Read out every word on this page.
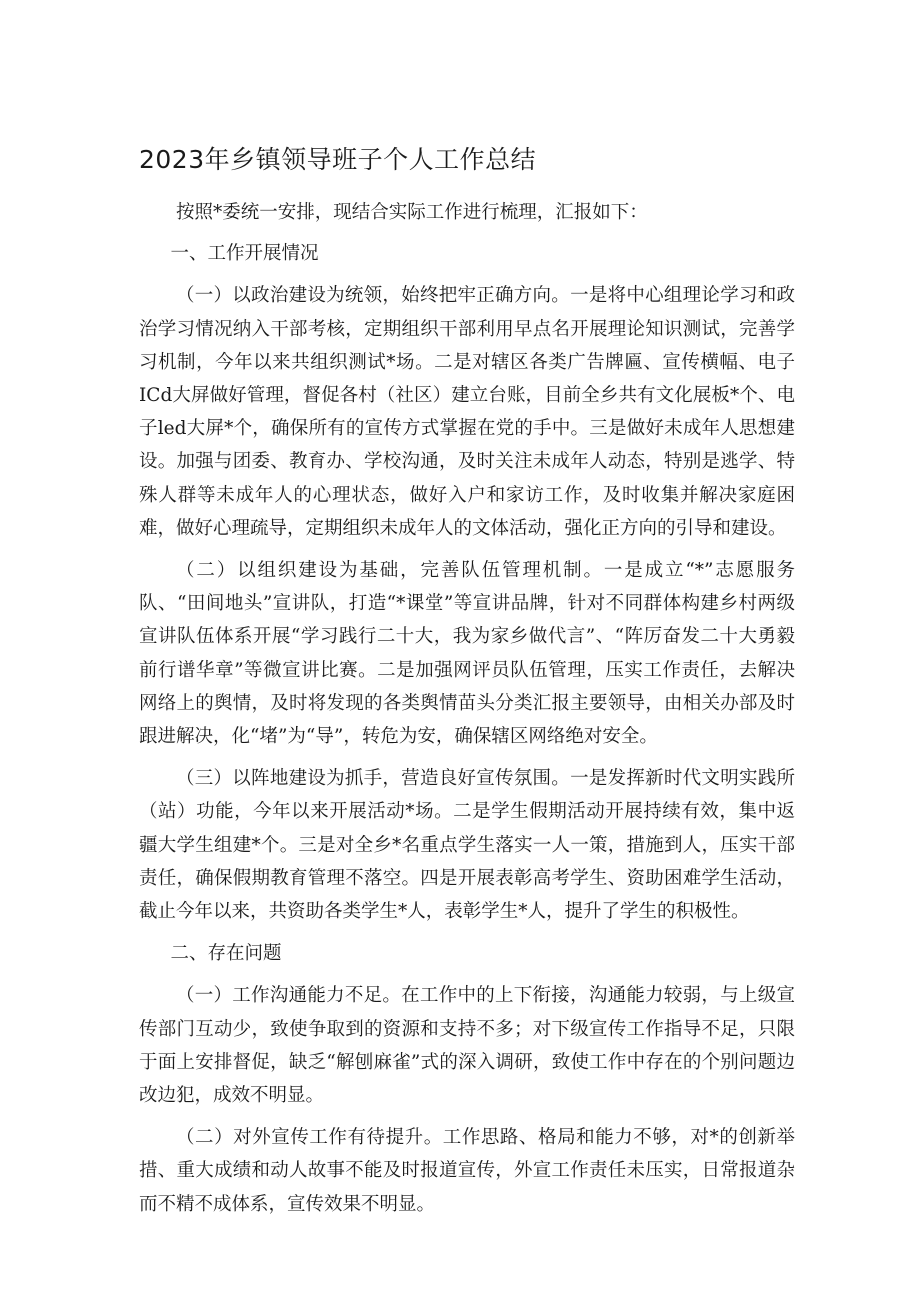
2023年乡镇领导班子个人工作总结

按照*委统一安排，现结合实际工作进行梳理，汇报如下：

一、工作开展情况

（一）以政治建设为统领，始终把牢正确方向。一是将中心组理论学习和政治学习情况纳入干部考核，定期组织干部利用早点名开展理论知识测试，完善学习机制，今年以来共组织测试*场。二是对辖区各类广告牌匾、宣传横幅、电子ICd大屏做好管理，督促各村（社区）建立台账，目前全乡共有文化展板*个、电子led大屏*个，确保所有的宣传方式掌握在党的手中。三是做好未成年人思想建设。加强与团委、教育办、学校沟通，及时关注未成年人动态，特别是逃学、特殊人群等未成年人的心理状态，做好入户和家访工作，及时收集并解决家庭困难，做好心理疏导，定期组织未成年人的文体活动，强化正方向的引导和建设。

（二）以组织建设为基础，完善队伍管理机制。一是成立“*”志愿服务队、“田间地头”宣讲队，打造“*课堂”等宣讲品牌，针对不同群体构建乡村两级宣讲队伍体系开展“学习践行二十大，我为家乡做代言”、“阵厉奋发二十大勇毅前行谱华章”等微宣讲比赛。二是加强网评员队伍管理，压实工作责任，去解决网络上的舆情，及时将发现的各类舆情苗头分类汇报主要领导，由相关办部及时跟进解决，化“堵”为“导”，转危为安，确保辖区网络绝对安全。

（三）以阵地建设为抓手，营造良好宣传氛围。一是发挥新时代文明实践所（站）功能，今年以来开展活动*场。二是学生假期活动开展持续有效，集中返疆大学生组建*个。三是对全乡*名重点学生落实一人一策，措施到人，压实干部责任，确保假期教育管理不落空。四是开展表彰高考学生、资助困难学生活动，截止今年以来，共资助各类学生*人，表彰学生*人，提升了学生的积极性。

二、存在问题

（一）工作沟通能力不足。在工作中的上下衔接，沟通能力较弱，与上级宣传部门互动少，致使争取到的资源和支持不多；对下级宣传工作指导不足，只限于面上安排督促，缺乏“解刨麻雀”式的深入调研，致使工作中存在的个别问题边改边犯，成效不明显。

（二）对外宣传工作有待提升。工作思路、格局和能力不够，对*的创新举措、重大成绩和动人故事不能及时报道宣传，外宣工作责任未压实，日常报道杂而不精不成体系，宣传效果不明显。
